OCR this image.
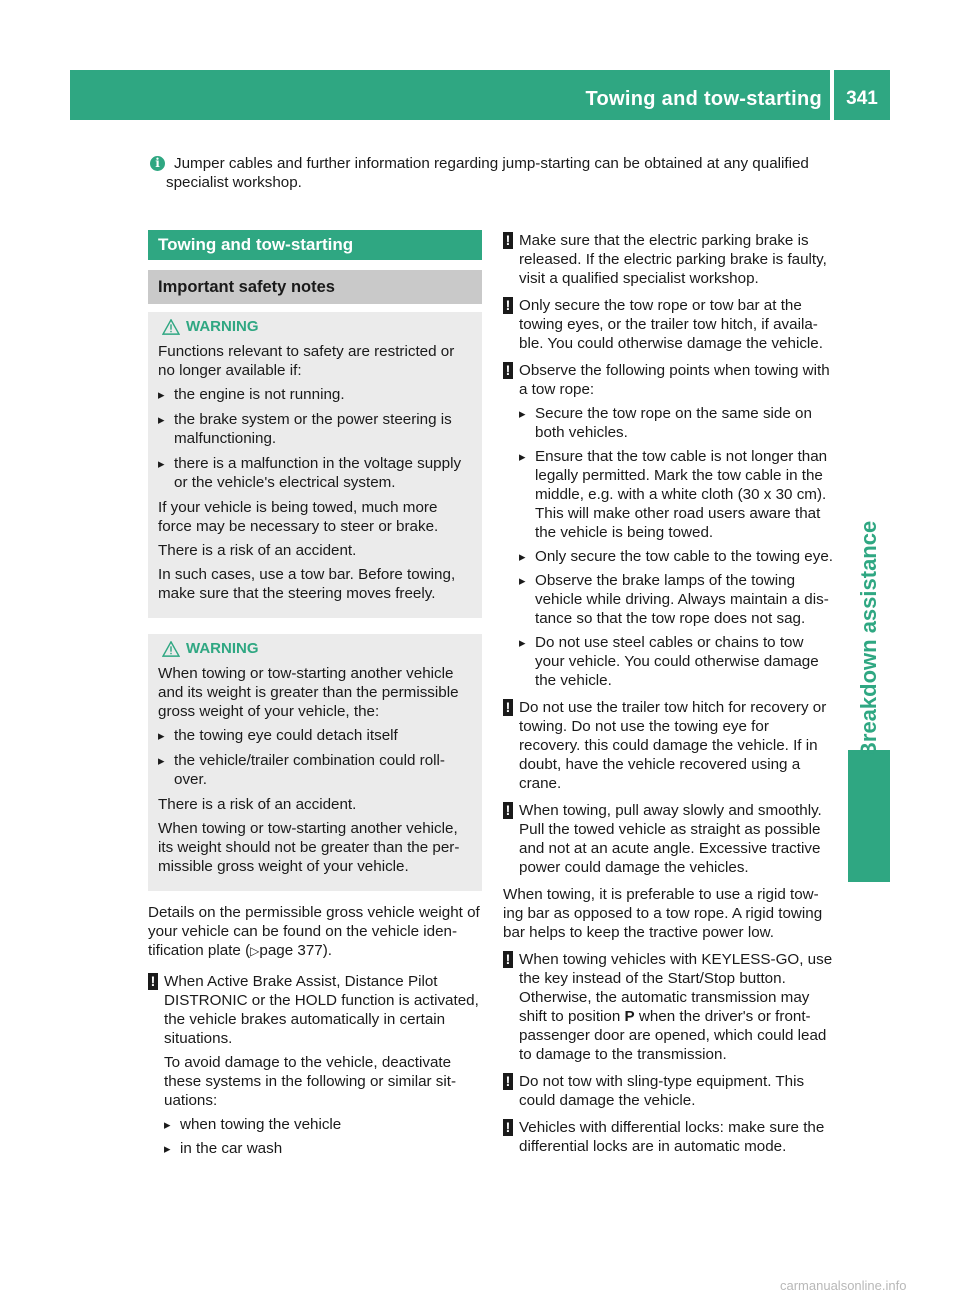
Towing and tow-starting	341
Breakdown assistance
i Jumper cables and further information regarding jump-starting can be obtained at any qualified specialist workshop.
Towing and tow-starting
Important safety notes
WARNING

Functions relevant to safety are restricted or no longer available if:

▸ the engine is not running.
▸ the brake system or the power steering is malfunctioning.
▸ there is a malfunction in the voltage supply or the vehicle's electrical system.

If your vehicle is being towed, much more force may be necessary to steer or brake.

There is a risk of an accident.

In such cases, use a tow bar. Before towing, make sure that the steering moves freely.

WARNING

When towing or tow-starting another vehicle and its weight is greater than the permissible gross weight of your vehicle, the:

▸ the towing eye could detach itself
▸ the vehicle/trailer combination could roll-over.

There is a risk of an accident.

When towing or tow-starting another vehicle, its weight should not be greater than the per-missible gross weight of your vehicle.

Details on the permissible gross vehicle weight of your vehicle can be found on the vehicle iden-tification plate (▷page 377).

! When Active Brake Assist, Distance Pilot DISTRONIC or the HOLD function is activated, the vehicle brakes automatically in certain situations.

To avoid damage to the vehicle, deactivate these systems in the following or similar sit-uations:

▸ when towing the vehicle
▸ in the car wash
! Make sure that the electric parking brake is released. If the electric parking brake is faulty, visit a qualified specialist workshop.
! Only secure the tow rope or tow bar at the towing eyes, or the trailer tow hitch, if availa-ble. You could otherwise damage the vehicle.
! Observe the following points when towing with a tow rope:

▸ Secure the tow rope on the same side on both vehicles.
▸ Ensure that the tow cable is not longer than legally permitted. Mark the tow cable in the middle, e.g. with a white cloth (30 x 30 cm). This will make other road users aware that the vehicle is being towed.
▸ Only secure the tow cable to the towing eye.
▸ Observe the brake lamps of the towing vehicle while driving. Always maintain a dis-tance so that the tow rope does not sag.
▸ Do not use steel cables or chains to tow your vehicle. You could otherwise damage the vehicle.
! Do not use the trailer tow hitch for recovery or towing. Do not use the towing eye for recovery. this could damage the vehicle. If in doubt, have the vehicle recovered using a crane.
! When towing, pull away slowly and smoothly. Pull the towed vehicle as straight as possible and not at an acute angle. Excessive tractive power could damage the vehicles.

When towing, it is preferable to use a rigid tow-ing bar as opposed to a tow rope. A rigid towing bar helps to keep the tractive power low.

! When towing vehicles with KEYLESS-GO, use the key instead of the Start/Stop button. Otherwise, the automatic transmission may shift to position P when the driver's or front-passenger door are opened, which could lead to damage to the transmission.
! Do not tow with sling-type equipment. This could damage the vehicle.
! Vehicles with differential locks: make sure the differential locks are in automatic mode.
carmanualsonline.info
